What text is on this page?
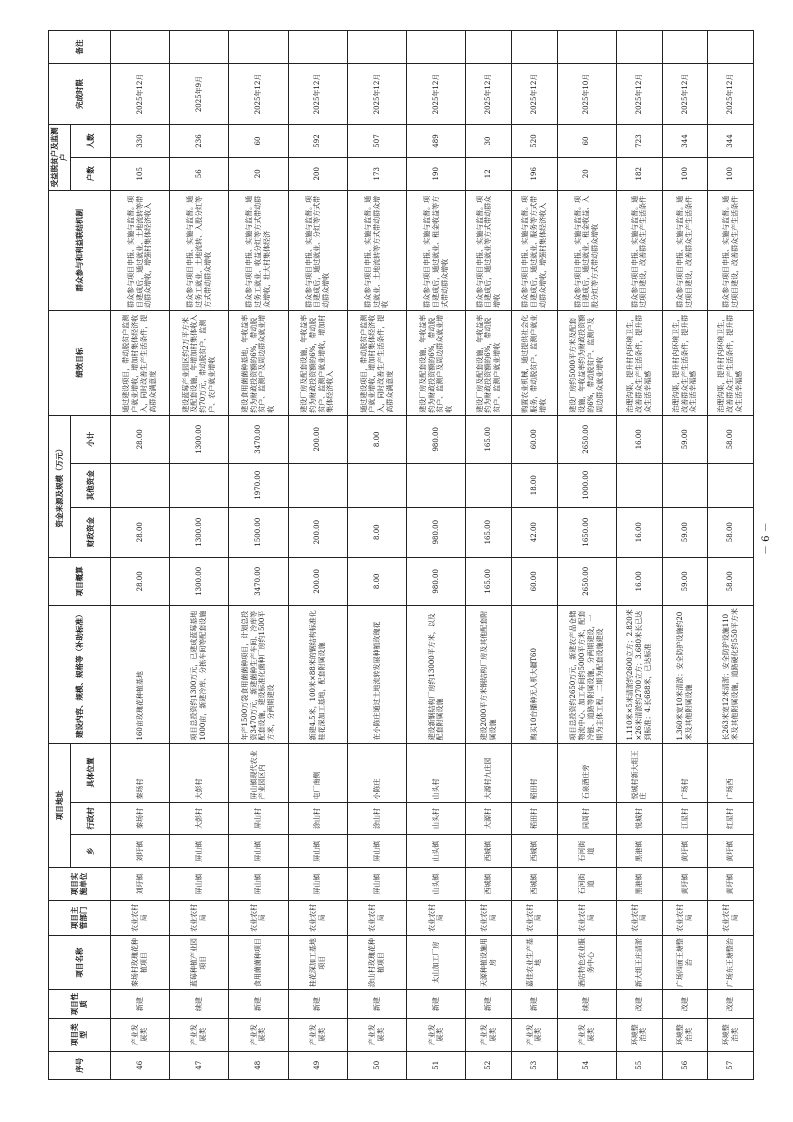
序号	项目类型	项目性质	项目名称	项目主管部门	项目实施单位	项目地址			建设内容、规模、规格等（补助标准）	项目概算	资金来源及规模（万元）			绩效目标	群众参与和利益联结机制	受益脱贫户及监测户		完成时限	备注
						乡	行政村	具体位置			财政资金	其他资金	小计			户数	人数		

46	产业发展类	新建	秦场村玫瑰花种植项目	农业农村局	刘圩镇	刘圩镇	秦场村	秦场村	160亩玫瑰花种植基地	28.00	28.00		28.00	通过建设项目，带动脱贫户监测户就业增收，增加村集体经济收入，同时改善生产生活条件，提高群众满意度	群众参与项目申报、实施与监督。项目建成后，通过就业、土地流转等带动群众增收，增强村集体经济收入	105	330	2025年12月	
47	产业发展类	续建	蓝莓种植产业园项目	农业农村局	屏山镇	屏山镇	大彭村	大彭村	项目总投资约1300万元，已建成蓝莓基地1000亩，新建冷库、分拣车间等配套设施	1300.00	1300.00		1300.00	建设蓝莓产业园区约2万平方米及配套设施，年增加村集体收入约70万元，带动脱贫户、监测户、农户就业增收	群众参与项目申报、实施与监督。通过务工就业、土地流转、入股分红等方式带动群众增收	56	236	2025年9月	
48	产业发展类	新建	食用菌菌种项目	农业农村局	屏山镇	屏山镇	屏山村	屏山镇现代农业产业园区内	年产1500万袋食用菌菌种项目，计划总投资3470万元，新建菌种生产车间、冷库等配套设施，建设标准化菌种厂房约1500平方米，分两期建设	3470.00	1500.00	1970.00	3470.00	建设食用菌菌种基地，年收益率约为财政投资额的6%，带动脱贫户、监测户及周边群众就业增收	群众参与项目申报、实施与监督。通过务工就业、收益分红等方式带动群众增收，壮大村集体经济	20	60	2025年12月	
49	产业发展类	新建	桂花深加工基地项目	农业农村局	屏山镇	屏山镇	涂山村	屯厂南侧	新建4.5米，100米×88米的钢结构标准化桂花深加工基地，配套附属设施	200.00	200.00		200.00	建设厂房及配套设施，年收益率约为财政投资额的6%，带动脱贫户、监测户就业增收，增加村集体经济收入	群众参与项目申报、实施与监督。项目建成后，通过就业、分红等方式带动群众增收	200	592	2025年12月	
50	产业发展类	新建	涂山村玫瑰花种植项目	农业农村局	屏山镇	屏山镇	涂山村	小陈庄	在小陈庄通过土地流转发展种植玫瑰花	8.00	8.00		8.00	通过建设项目，带动脱贫户监测户就业增收，增加村集体经济收入，同时改善生产生活条件，提高群众满意度	群众参与项目申报、实施与监督。通过就业、土地流转等方式带动群众增收	173	507	2025年12月	
51	产业发展类	新建	太山加工厂房	农业农村局	山头镇	山头镇	山头村	山头村	建设新钢结构厂房约13000平方米，以及配套附属设施	980.00	980.00		980.00	建设厂房及配套设施，年收益率约为财政投资额的6%，带动脱贫户、监测户及周边群众就业增收	群众参与项目申报、实施与监督。项目建成后，通过就业、租金收益等方式带动群众增收	190	489	2025年12月	
52	产业发展类	新建	天源种植设施用房	农业农村局	西城镇	西城镇	大源村	大源村九庄园	建设2000平方米钢结构厂房及其他配套附属设施	165.00	165.00		165.00	建设厂房及配套设施，年收益率约为财政投资额的6%，带动脱贫户、监测户就业增收	群众参与项目申报、实施与监督。项目建成后，通过就业等方式带动群众增收	12	30	2025年12月	
53	产业发展类	新建	嘉佳农业生产基地	农业农村局	西城镇	西城镇	稻田村	稻田村	购买10台播种无人机大疆T60	60.00	42.00	18.00	60.00	购置农业机械，通过提供社会化服务，带动脱贫户、监测户就业增收	群众参与项目申报、实施与监督。项目建成后，通过就业、服务等方式带动群众增收，增强村集体经济收入	196	520	2025年12月	
54	产业发展类	续建	酒店特色农业服务中心	农业农村局	石河街道	石河街道	同周村	石泉酒庄旁	项目总投资约2650万元，新建农产品仓储物流中心、加工车间约5000平方米，配套冷链、道路等附属设施，分两期建设，一期为主体工程，二期为配套设施建设	2650.00	1650.00	1000.00	2650.00	建设厂房约5000平方米及配套设施，年收益率约为财政投资额的6%，带动脱贫户、监测户及周边群众就业增收	群众参与项目申报、实施与监督。项目建成后，通过就业、租金收益、入股分红等方式带动群众增收	20	60	2025年10月	
55	环境整治类	改建	新大组王庄清淤	农业农村局	黑港镇	黑港镇	悦城村	悦城村新大组王庄	1.110米×5米清淤约2600立方；2.820米×26米清淤约2700立方；3.680米长已达到标准；4.长688米，已达标准	16.00	16.00		16.00	治理沟渠，提升村内环境卫生，改善群众生产生活条件，提升群众生活幸福感	群众参与项目申报、实施与监督。通过项目建设，改善群众生产生活条件	182	723	2025年12月	
56	环境整治类	改建	广场四面王塘整治	农业农村局	黄圩镇	黄圩镇	江星村	广场村	1.360米宽10米清淤；安全防护设施约20米及其他附属设施	59.00	59.00		59.00	治理沟渠，提升村内环境卫生，改善群众生产生活条件，提升群众生活幸福感	群众参与项目申报、实施与监督。通过项目建设，改善群众生产生活条件	100	344	2025年12月	
57	环境整治类	改建	广场东王塘整治	农业农村局	黄圩镇	黄圩镇	红星村	广场西	长263米宽12米清淤；安全防护设施110米及其他附属设施，道路硬化约550平方米	58.00	58.00		58.00	治理沟渠，提升村内环境卫生，改善群众生产生活条件，提升群众生活幸福感	群众参与项目申报、实施与监督。通过项目建设，改善群众生产生活条件	100	344	2025年12月	
－ 6 －
